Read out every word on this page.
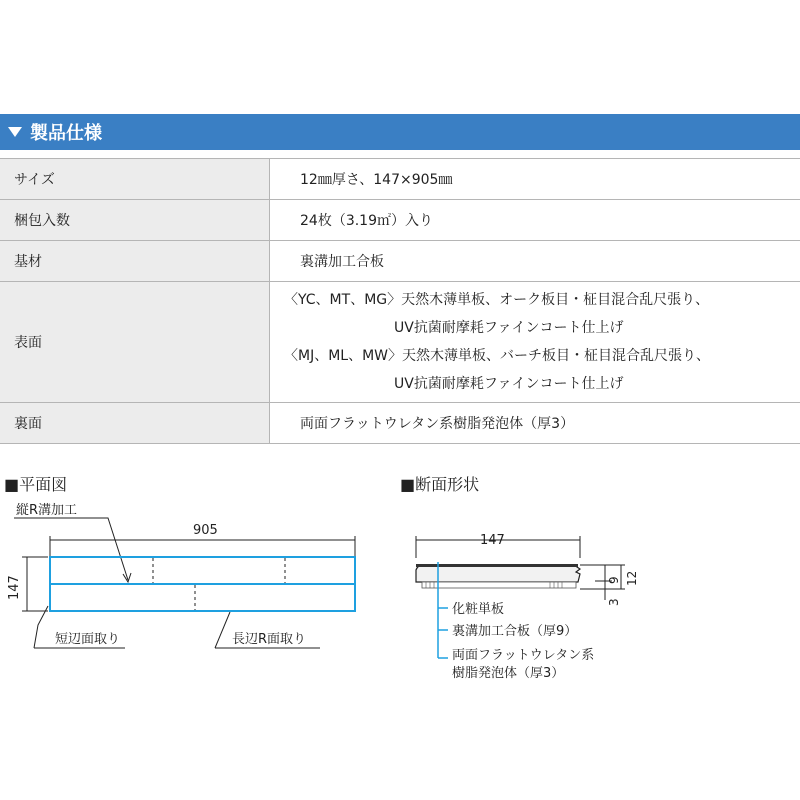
製品仕様
サイズ	12㎜厚さ、147×905㎜
梱包入数	24枚（3.19㎡）入り
基材	裏溝加工合板
表面	〈YC、MT、MG〉天然木薄単板、オーク板目・柾目混合乱尺張り、
UV抗菌耐摩耗ファインコート仕上げ
〈MJ、ML、MW〉天然木薄単板、バーチ板目・柾目混合乱尺張り、
UV抗菌耐摩耗ファインコート仕上げ

裏面	両面フラットウレタン系樹脂発泡体（厚3）
■平面図	■断面形状
縦R溝加工
905
147
短辺面取り	長辺R面取り
147
9
3
12
化粧単板
裏溝加工合板（厚9）
両面フラットウレタン系
樹脂発泡体（厚3）
